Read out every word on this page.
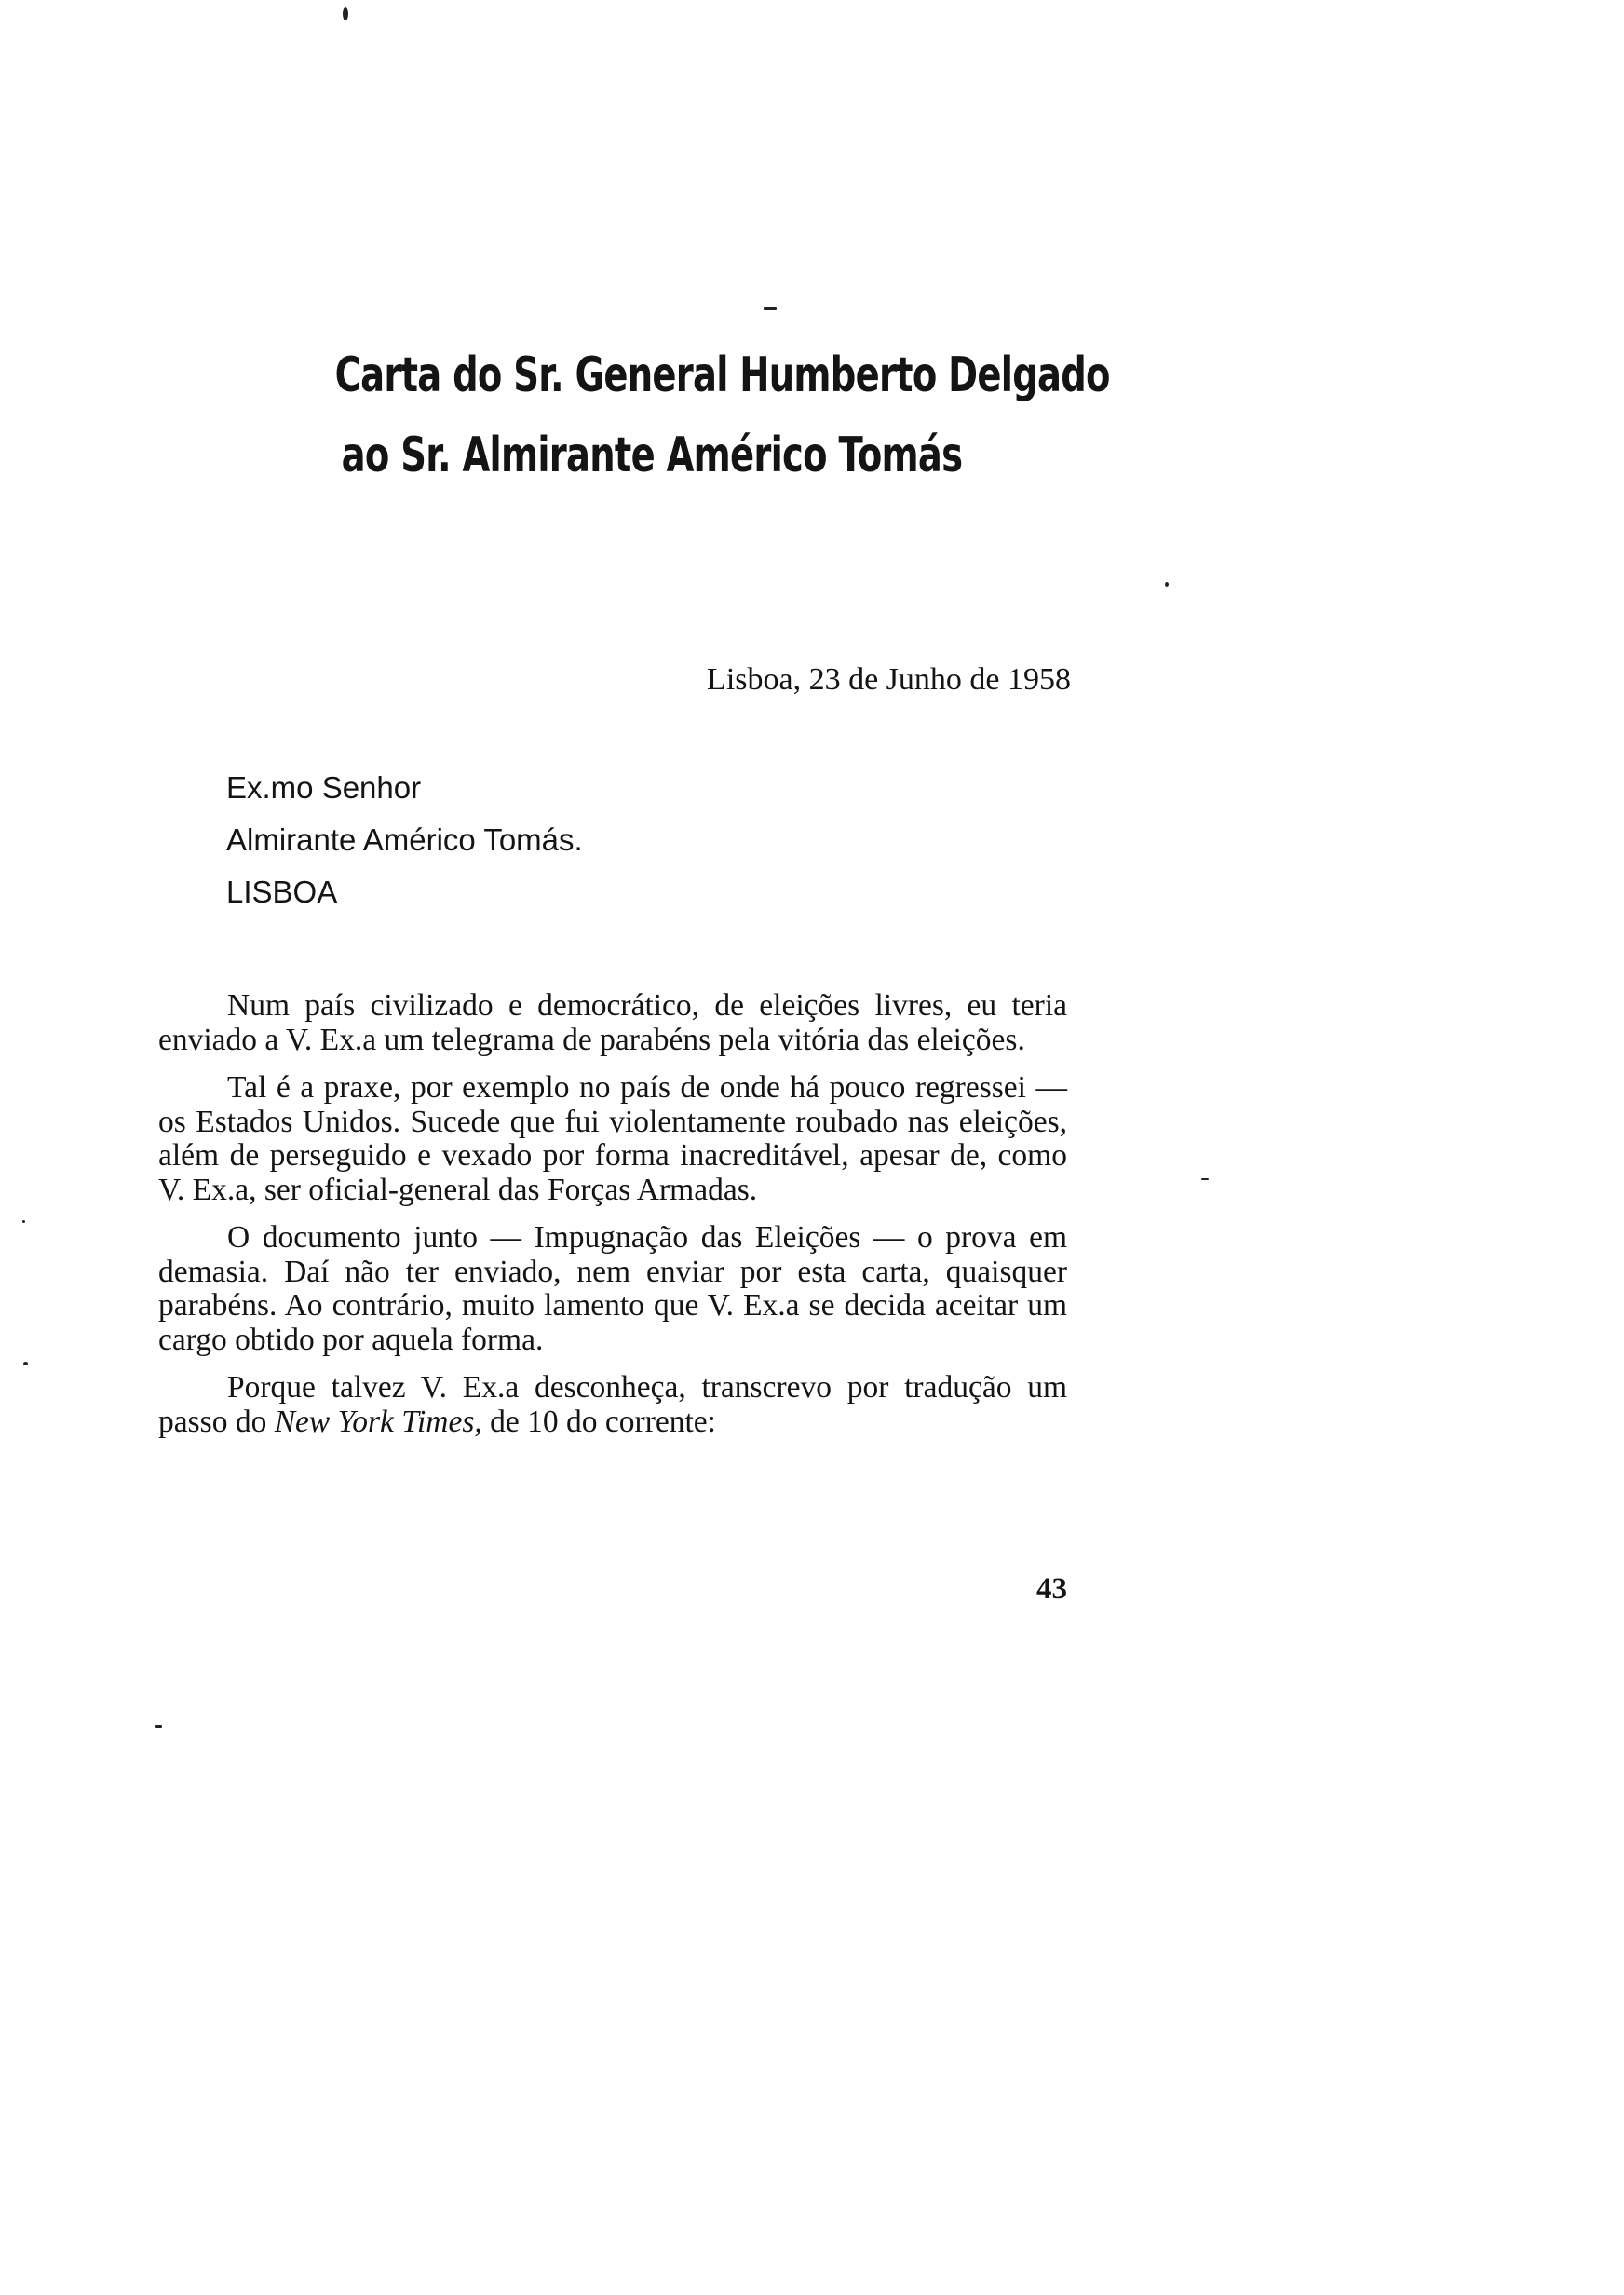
Carta do Sr. General Humberto Delgado
ao Sr. Almirante Américo Tomás
Lisboa, 23 de Junho de 1958
Ex.mo Senhor
Almirante Américo Tomás.
LISBOA

Num país civilizado e democrático, de eleições livres, eu teria enviado a V. Ex.a um telegrama de parabéns pela vitória das eleições.

Tal é a praxe, por exemplo no país de onde há pouco regressei — os Estados Unidos. Sucede que fui violentamente roubado nas eleições, além de perseguido e vexado por forma inacreditável, apesar de, como V. Ex.a, ser oficial-general das Forças Armadas.

O documento junto — Impugnação das Eleições — o prova em demasia. Daí não ter enviado, nem enviar por esta carta, quaisquer parabéns. Ao contrário, muito lamento que V. Ex.a se decida aceitar um cargo obtido por aquela forma.

Porque talvez V. Ex.a desconheça, transcrevo por tradução um passo do New York Times, de 10 do corrente:

43
